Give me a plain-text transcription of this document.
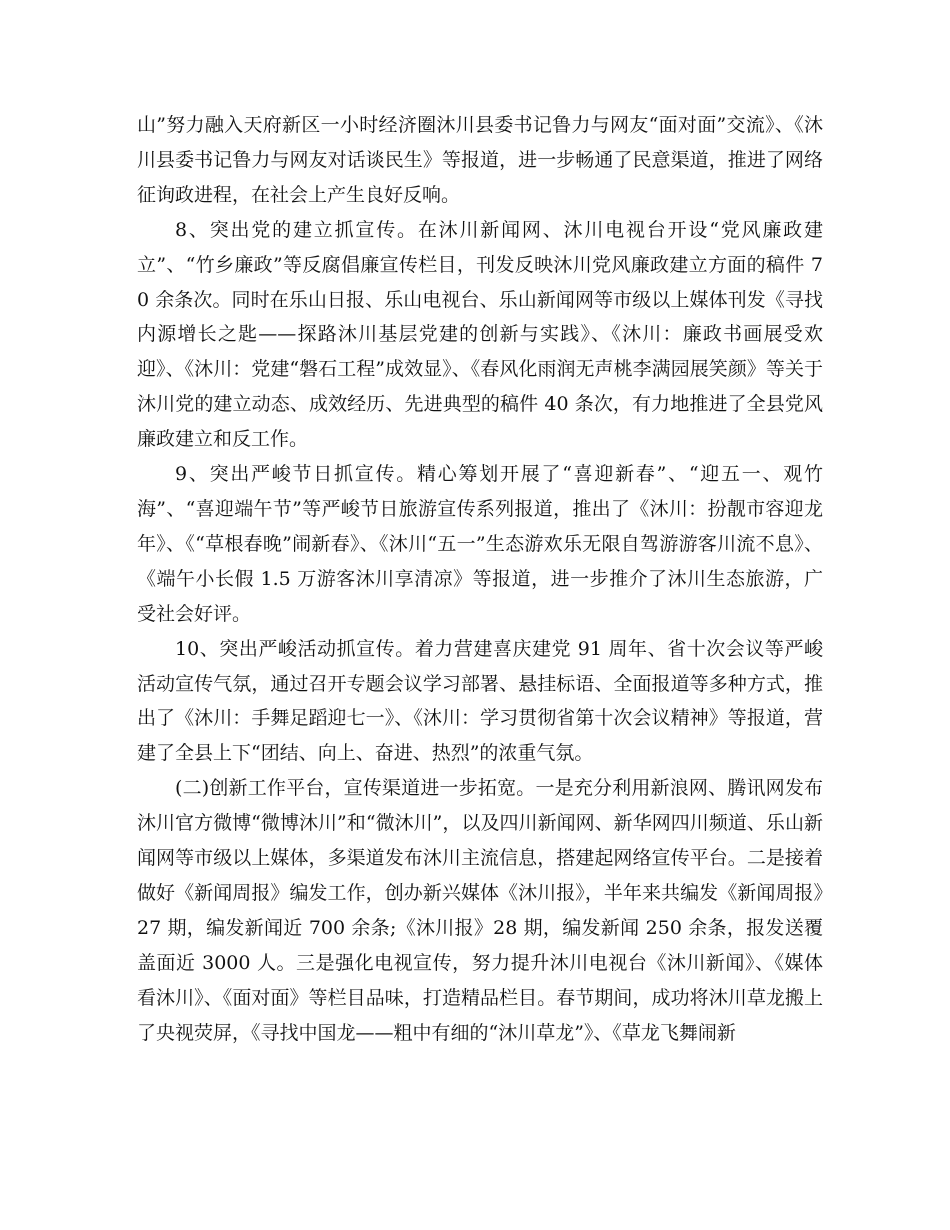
山”努力融入天府新区一小时经济圈沐川县委书记鲁力与网友“面对面”交流》、《沐川县委书记鲁力与网友对话谈民生》等报道，进一步畅通了民意渠道，推进了网络征询政进程，在社会上产生良好反响。

8、突出党的建立抓宣传。在沐川新闻网、沐川电视台开设“党风廉政建立”、“竹乡廉政”等反腐倡廉宣传栏目，刊发反映沐川党风廉政建立方面的稿件 70 余条次。同时在乐山日报、乐山电视台、乐山新闻网等市级以上媒体刊发《寻找内源增长之匙——探路沐川基层党建的创新与实践》、《沐川：廉政书画展受欢迎》、《沐川：党建“磐石工程”成效显》、《春风化雨润无声桃李满园展笑颜》等关于沐川党的建立动态、成效经历、先进典型的稿件 40 条次，有力地推进了全县党风廉政建立和反工作。

9、突出严峻节日抓宣传。精心筹划开展了“喜迎新春”、“迎五一、观竹海”、“喜迎端午节”等严峻节日旅游宣传系列报道，推出了《沐川：扮靓市容迎龙年》、《“草根春晚”闹新春》、《沐川“五一”生态游欢乐无限自驾游游客川流不息》、《端午小长假 1.5 万游客沐川享清凉》等报道，进一步推介了沐川生态旅游，广受社会好评。

10、突出严峻活动抓宣传。着力营建喜庆建党 91 周年、省十次会议等严峻活动宣传气氛，通过召开专题会议学习部署、悬挂标语、全面报道等多种方式，推出了《沐川：手舞足蹈迎七一》、《沐川：学习贯彻省第十次会议精神》等报道，营建了全县上下“团结、向上、奋进、热烈”的浓重气氛。

(二)创新工作平台，宣传渠道进一步拓宽。一是充分利用新浪网、腾讯网发布沐川官方微博“微博沐川”和“微沐川”，以及四川新闻网、新华网四川频道、乐山新闻网等市级以上媒体，多渠道发布沐川主流信息，搭建起网络宣传平台。二是接着做好《新闻周报》编发工作，创办新兴媒体《沐川报》，半年来共编发《新闻周报》27 期，编发新闻近 700 余条;《沐川报》28 期，编发新闻 250 余条，报发送覆盖面近 3000 人。三是强化电视宣传，努力提升沐川电视台《沐川新闻》、《媒体看沐川》、《面对面》等栏目品味，打造精品栏目。春节期间，成功将沐川草龙搬上了央视荧屏，《寻找中国龙——粗中有细的“沐川草龙”》、《草龙飞舞闹新
